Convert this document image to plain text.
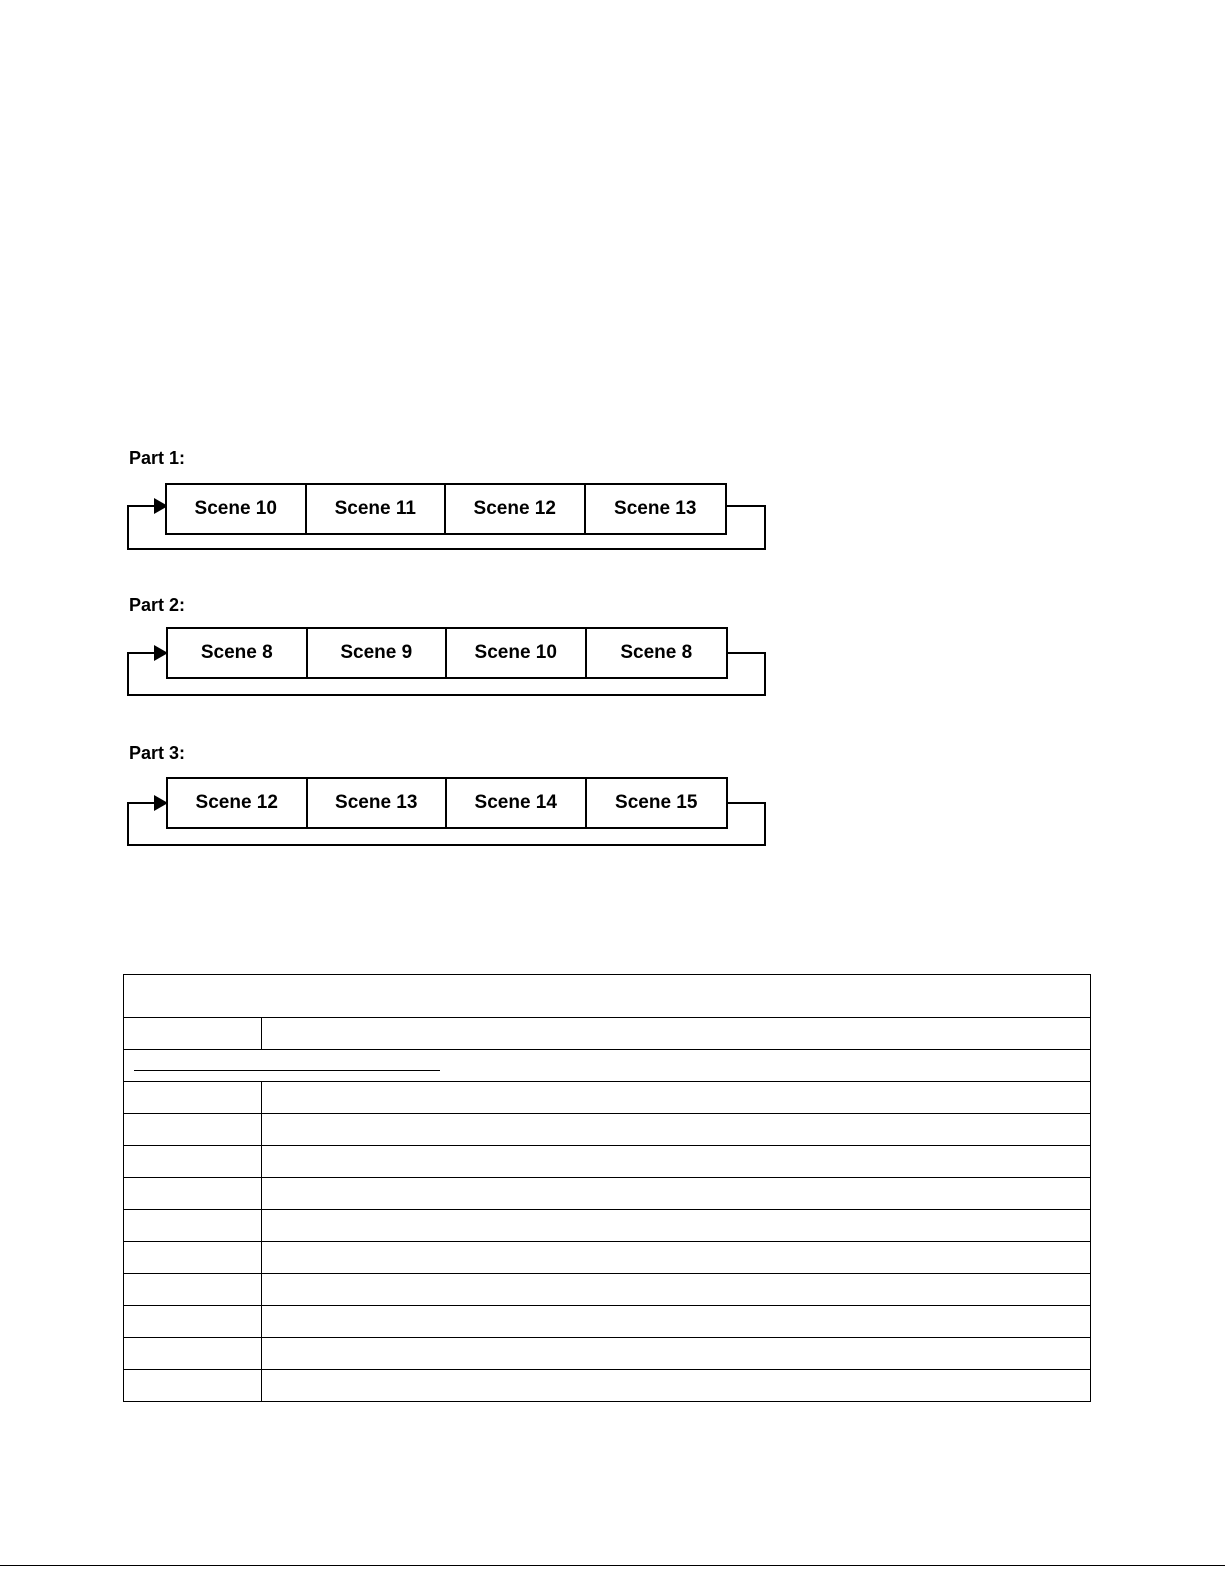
Part 1:
Scene 10	Scene 11	Scene 12	Scene 13
Part 2:
Scene 8	Scene 9	Scene 10	Scene 8
Part 3:
Scene 12	Scene 13	Scene 14	Scene 15
